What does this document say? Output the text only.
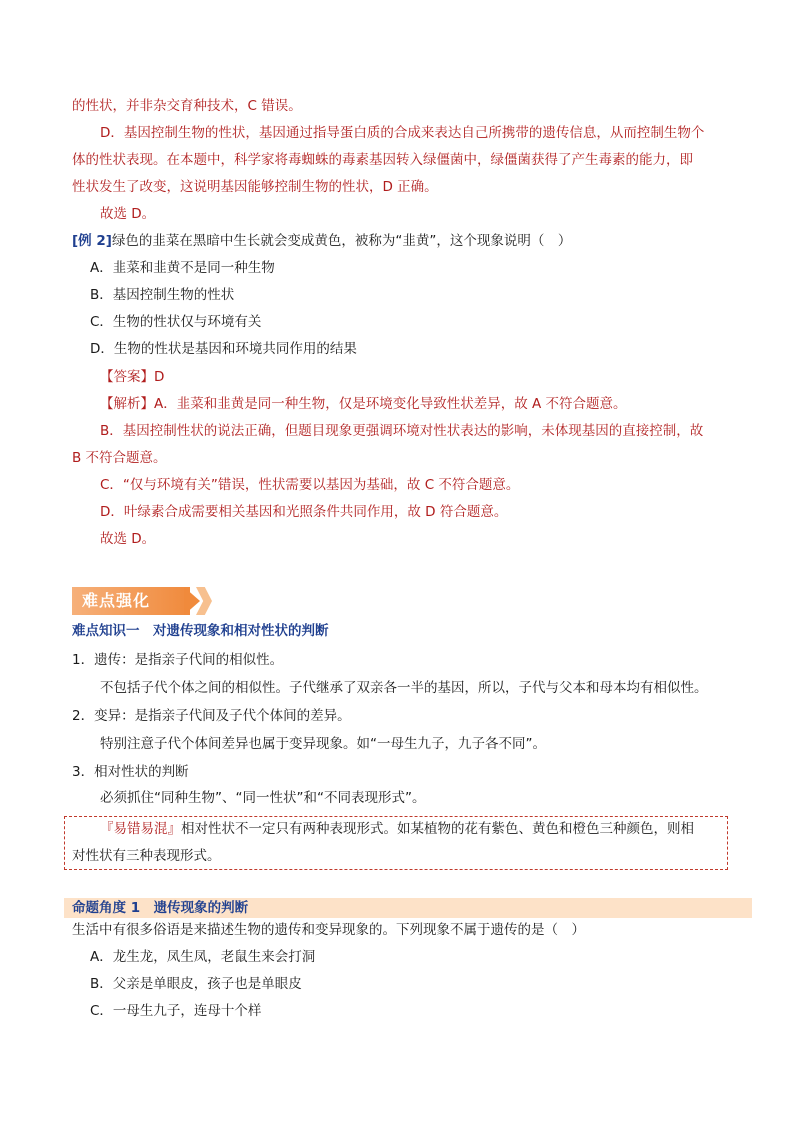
的性状，并非杂交育种技术，C 错误。
D．基因控制生物的性状，基因通过指导蛋白质的合成来表达自己所携带的遗传信息，从而控制生物个
体的性状表现。在本题中，科学家将毒蜘蛛的毒素基因转入绿僵菌中，绿僵菌获得了产生毒素的能力，即
性状发生了改变，这说明基因能够控制生物的性状，D 正确。
故选 D。
[例 2]绿色的韭菜在黑暗中生长就会变成黄色，被称为“韭黄”，这个现象说明（　）
A．韭菜和韭黄不是同一种生物
B．基因控制生物的性状
C．生物的性状仅与环境有关
D．生物的性状是基因和环境共同作用的结果
【答案】D
【解析】A．韭菜和韭黄是同一种生物，仅是环境变化导致性状差异，故 A 不符合题意。
B．基因控制性状的说法正确，但题目现象更强调环境对性状表达的影响，未体现基因的直接控制，故
B 不符合题意。
C．“仅与环境有关”错误，性状需要以基因为基础，故 C 不符合题意。
D．叶绿素合成需要相关基因和光照条件共同作用，故 D 符合题意。
故选 D。
难点强化
难点知识一　对遗传现象和相对性状的判断
1．遗传：是指亲子代间的相似性。
不包括子代个体之间的相似性。子代继承了双亲各一半的基因，所以，子代与父本和母本均有相似性。
2．变异：是指亲子代间及子代个体间的差异。
特别注意子代个体间差异也属于变异现象。如“一母生九子，九子各不同”。
3．相对性状的判断
必须抓住“同种生物”、“同一性状”和“不同表现形式”。
『易错易混』相对性状不一定只有两种表现形式。如某植物的花有紫色、黄色和橙色三种颜色，则相
对性状有三种表现形式。
命题角度 1　遗传现象的判断
生活中有很多俗语是来描述生物的遗传和变异现象的。下列现象不属于遗传的是（　）
A．龙生龙，凤生凤，老鼠生来会打洞
B．父亲是单眼皮，孩子也是单眼皮
C．一母生九子，连母十个样
